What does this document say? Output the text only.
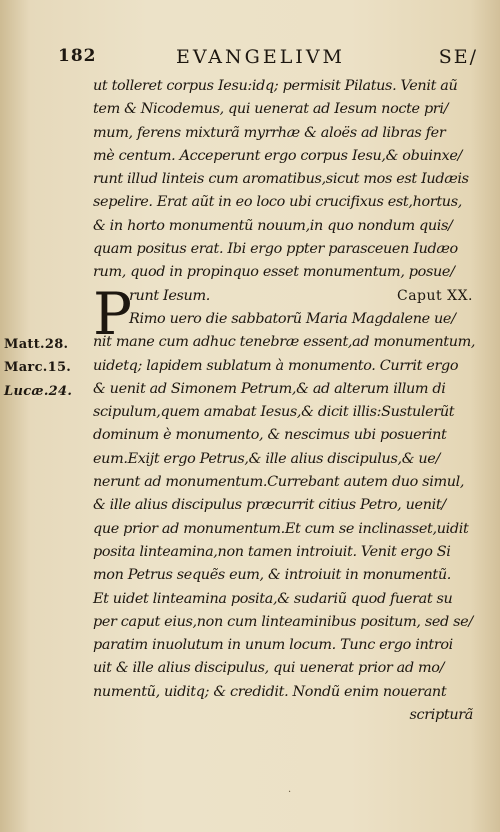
182	EVANGELIVM	SE/
P
Matt.28.
Marc.15.
Lucæ.24.
ut tolleret corpus Iesu:idq; permisit Pilatus. Venit aũ
tem & Nicodemus, qui uenerat ad Iesum nocte pri/
mum, ferens mixturã myrrhæ & aloës ad libras fer
mè centum. Acceperunt ergo corpus Iesu,& obuinxe/
runt illud linteis cum aromatibus,sicut mos est Iudæis
sepelire. Erat aũt in eo loco ubi crucifixus est,hortus,
& in horto monumentũ nouum,in quo nondum quis/
quam positus erat. Ibi ergo ppter parasceuen Iudæo
rum, quod in propinquo esset monumentum, posue/
runt Iesum.	Caput XX.
Rimo uero die sabbatorũ Maria Magdalene ue/
nit mane cum adhuc tenebræ essent,ad monumentum,
uidetq; lapidem sublatum à monumento. Currit ergo
& uenit ad Simonem Petrum,& ad alterum illum di
scipulum,quem amabat Iesus,& dicit illis:Sustulerũt
dominum è monumento, & nescimus ubi posuerint
eum.Exijt ergo Petrus,& ille alius discipulus,& ue/
nerunt ad monumentum.Currebant autem duo simul,
& ille alius discipulus præcurrit citius Petro, uenit/
que prior ad monumentum.Et cum se inclinasset,uidit
posita linteamina,non tamen introiuit. Venit ergo Si
mon Petrus sequẽs eum, & introiuit in monumentũ.
Et uidet linteamina posita,& sudariũ quod fuerat su
per caput eius,non cum linteaminibus positum, sed se/
paratim inuolutum in unum locum. Tunc ergo introi
uit & ille alius discipulus, qui uenerat prior ad mo/
numentũ, uiditq; & credidit. Nondũ enim nouerant
scripturã
·
